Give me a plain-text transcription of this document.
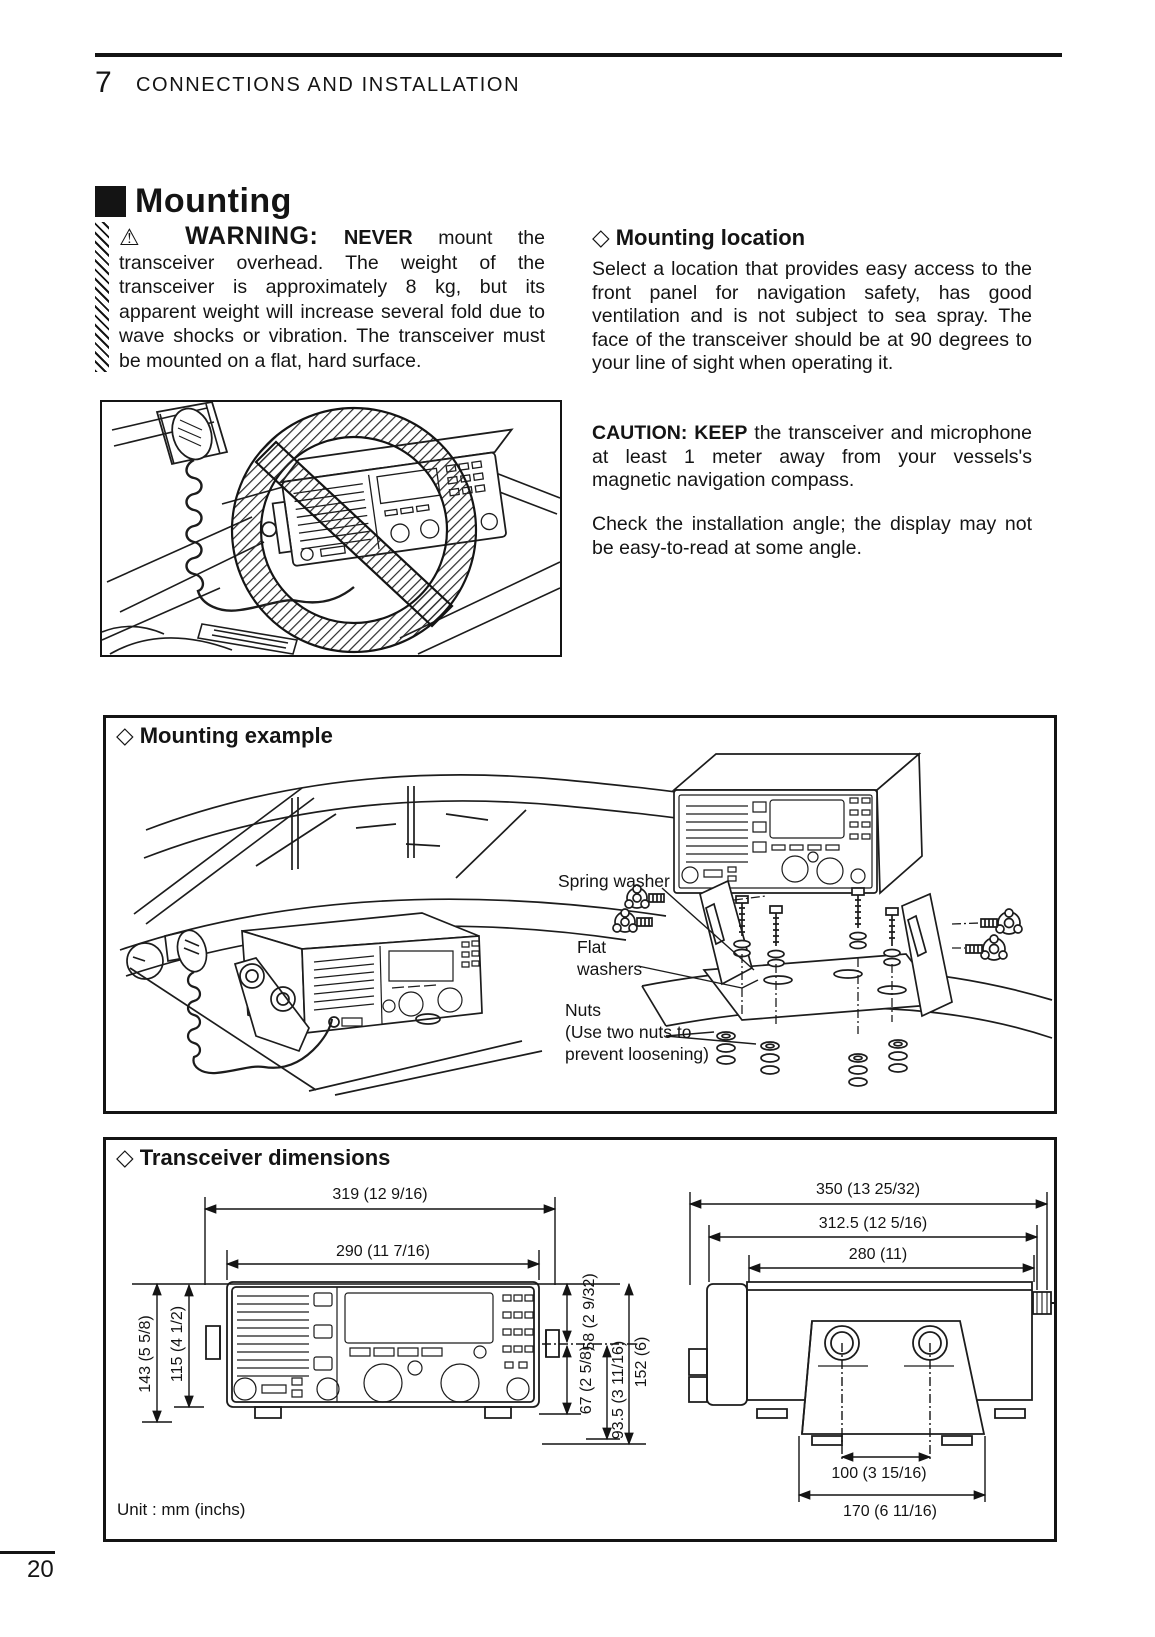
7 CONNECTIONS AND INSTALLATION
Mounting

⚠ WARNING: NEVER mount the transceiver overhead. The weight of the transceiver is approximately 8 kg, but its apparent weight will increase several fold due to wave shocks or vibration. The transceiver must be mounted on a flat, hard surface.

◇ Mounting location

Select a location that provides easy access to the front panel for navigation safety, has good ventilation and is not subject to sea spray. The face of the transceiver should be at 90 degrees to your line of sight when operating it.

CAUTION: KEEP the transceiver and microphone at least 1 meter away from your vessels's magnetic navigation compass.

Check the installation angle; the display may not be easy-to-read at some angle.

◇ Mounting example
Spring washer
Flat
washers
Nuts
(Use two nuts to
prevent loosening)
◇ Transceiver dimensions
319 (12 9/16)
290 (11 7/16)
143 (5 5/8) 115 (4 1/2)	58 (2 9/32)
67 (2 5/8) 93.5 (3 11/16) 152 (6)
350 (13 25/32)
312.5 (12 5/16)
280 (11)
100 (3 15/16)
170 (6 11/16)
Unit : mm (inchs)
20
